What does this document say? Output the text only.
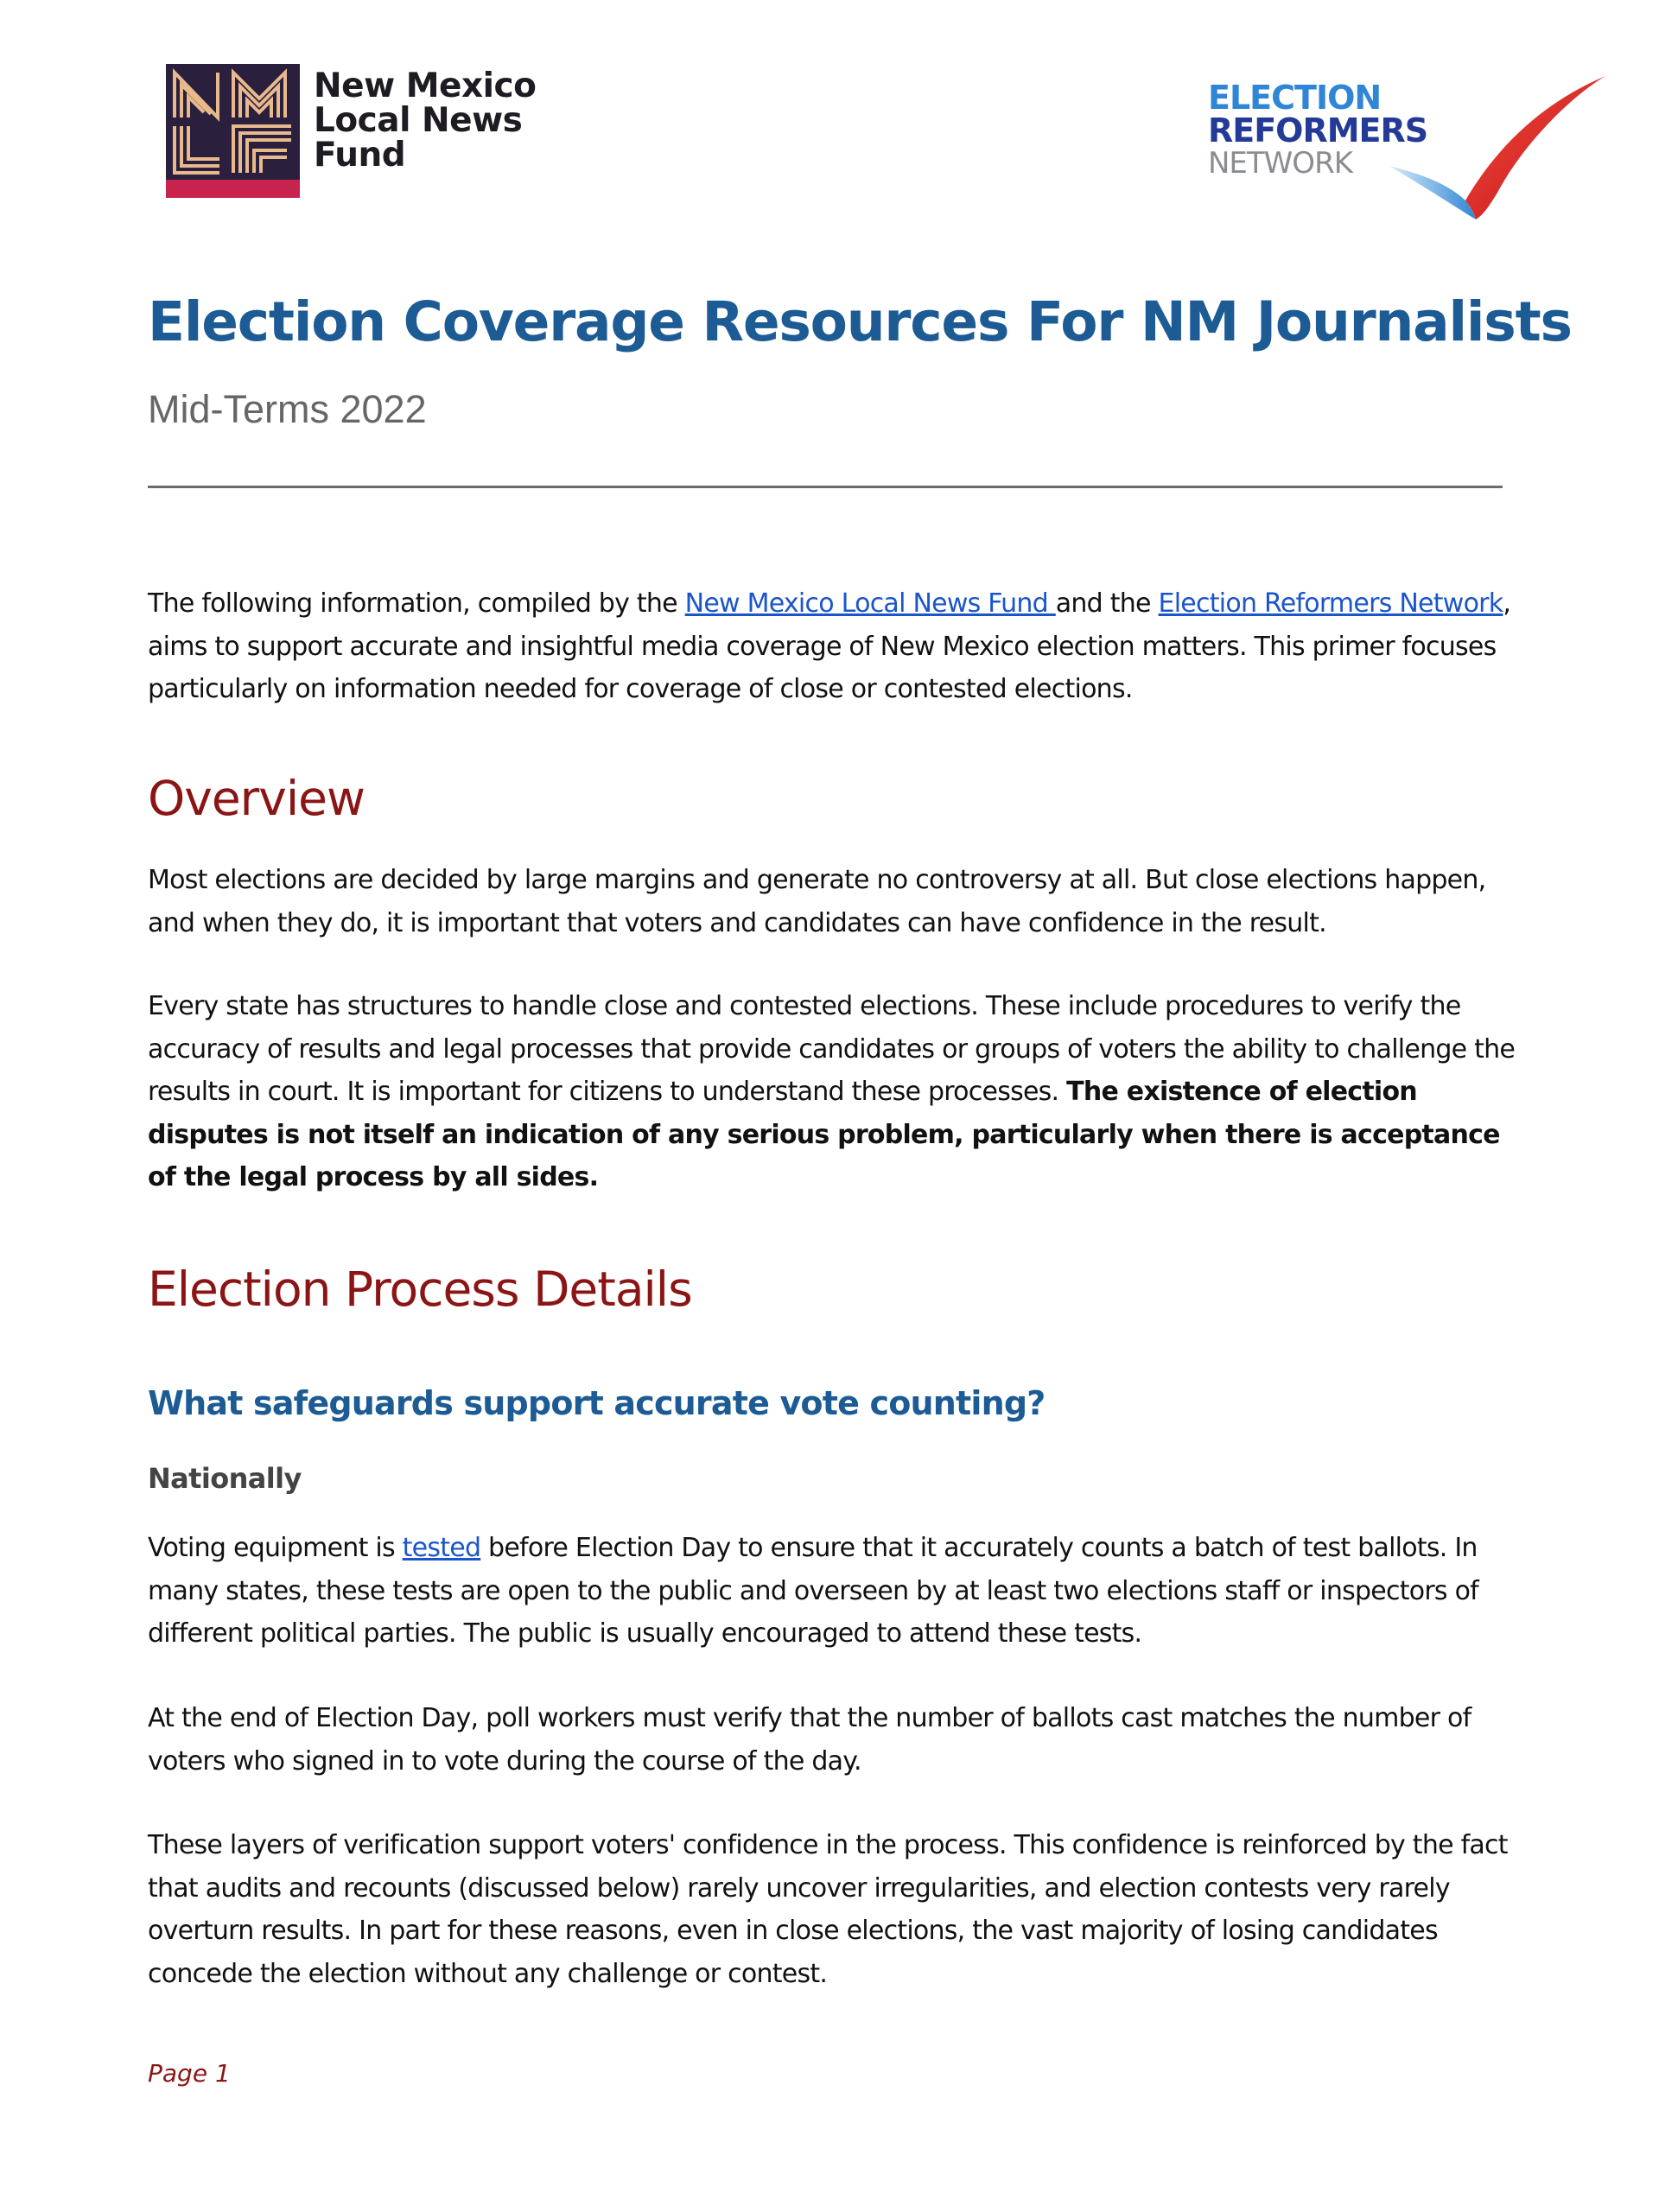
New Mexico
Local News
Fund
ELECTION
REFORMERS
NETWORK
Election Coverage Resources For NM Journalists
Mid-Terms 2022

The following information, compiled by the New Mexico Local News Fund and the Election Reformers Network, aims to support accurate and insightful media coverage of New Mexico election matters. This primer focuses particularly on information needed for coverage of close or contested elections.

Overview

Most elections are decided by large margins and generate no controversy at all. But close elections happen, and when they do, it is important that voters and candidates can have confidence in the result.

Every state has structures to handle close and contested elections. These include procedures to verify the accuracy of results and legal processes that provide candidates or groups of voters the ability to challenge the results in court. It is important for citizens to understand these processes. The existence of election disputes is not itself an indication of any serious problem, particularly when there is acceptance of the legal process by all sides.

Election Process Details
What safeguards support accurate vote counting?
Nationally

Voting equipment is tested before Election Day to ensure that it accurately counts a batch of test ballots. In many states, these tests are open to the public and overseen by at least two elections staff or inspectors of different political parties. The public is usually encouraged to attend these tests.

At the end of Election Day, poll workers must verify that the number of ballots cast matches the number of voters who signed in to vote during the course of the day.

These layers of verification support voters' confidence in the process. This confidence is reinforced by the fact that audits and recounts (discussed below) rarely uncover irregularities, and election contests very rarely overturn results. In part for these reasons, even in close elections, the vast majority of losing candidates concede the election without any challenge or contest.

Page 1
